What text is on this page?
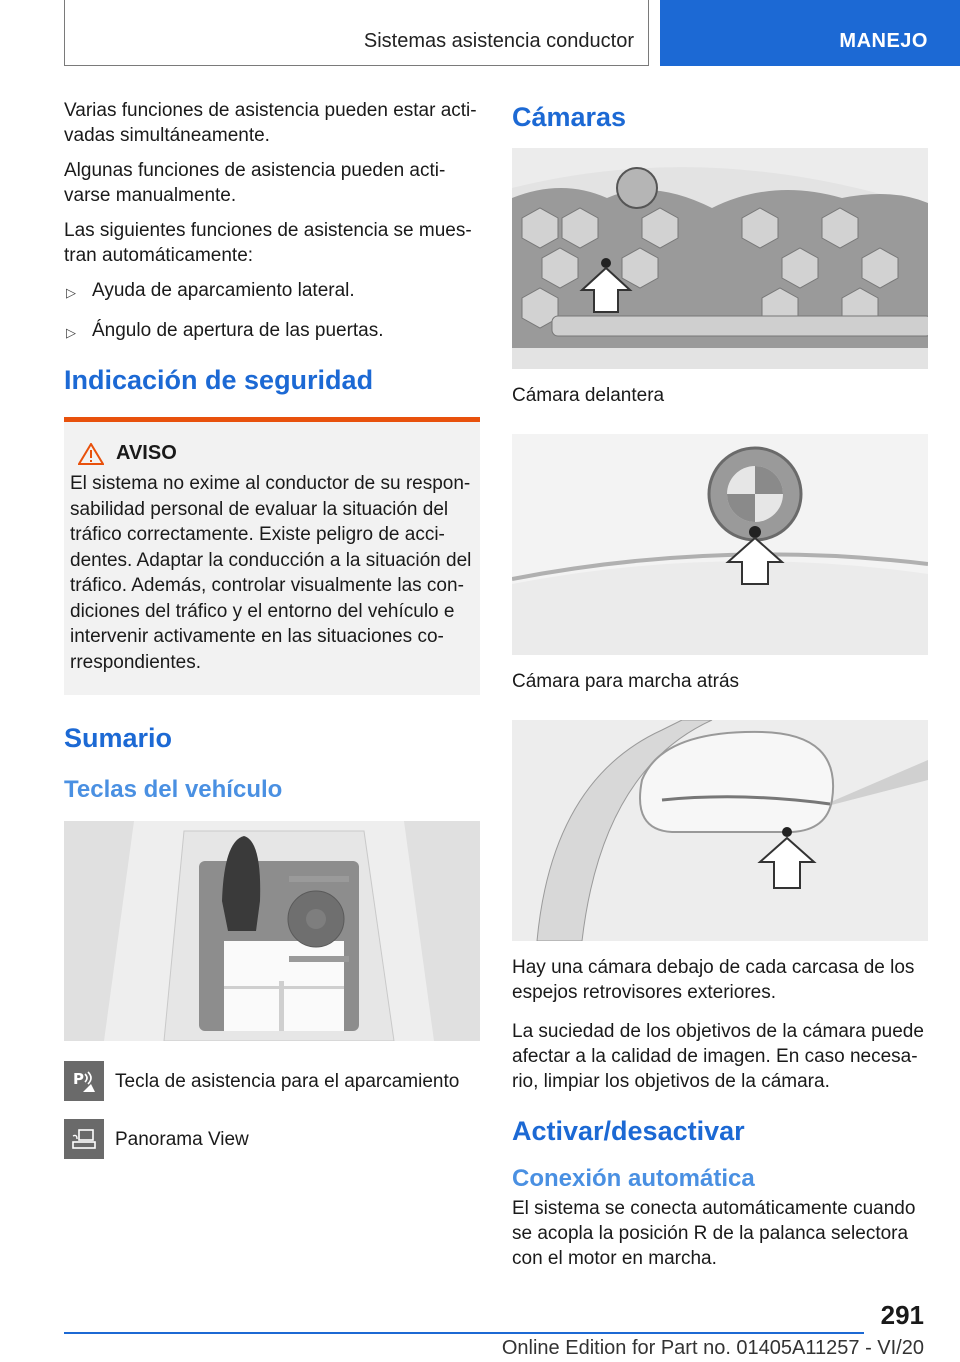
Sistemas asistencia conductor	MANEJO

Varias funciones de asistencia pueden estar acti-vadas simultáneamente.

Algunas funciones de asistencia pueden acti-varse manualmente.

Las siguientes funciones de asistencia se mues-tran automáticamente:

▷ Ayuda de aparcamiento lateral.
▷ Ángulo de apertura de las puertas.
Indicación de seguridad
AVISO

El sistema no exime al conductor de su respon-sabilidad personal de evaluar la situación del tráfico correctamente. Existe peligro de acci-dentes. Adaptar la conducción a la situación del tráfico. Además, controlar visualmente las con-diciones del tráfico y el entorno del vehículo e intervenir activamente en las situaciones co-rrespondientes.

Sumario
Teclas del vehículo
P Tecla de asistencia para el aparcamiento
Panorama View
Cámaras

Cámara delantera

Cámara para marcha atrás

Hay una cámara debajo de cada carcasa de los espejos retrovisores exteriores.

La suciedad de los objetivos de la cámara puede afectar a la calidad de imagen. En caso necesa-rio, limpiar los objetivos de la cámara.

Activar/desactivar
Conexión automática

El sistema se conecta automáticamente cuando se acopla la posición R de la palanca selectora con el motor en marcha.

291
Online Edition for Part no. 01405A11257 - VI/20
